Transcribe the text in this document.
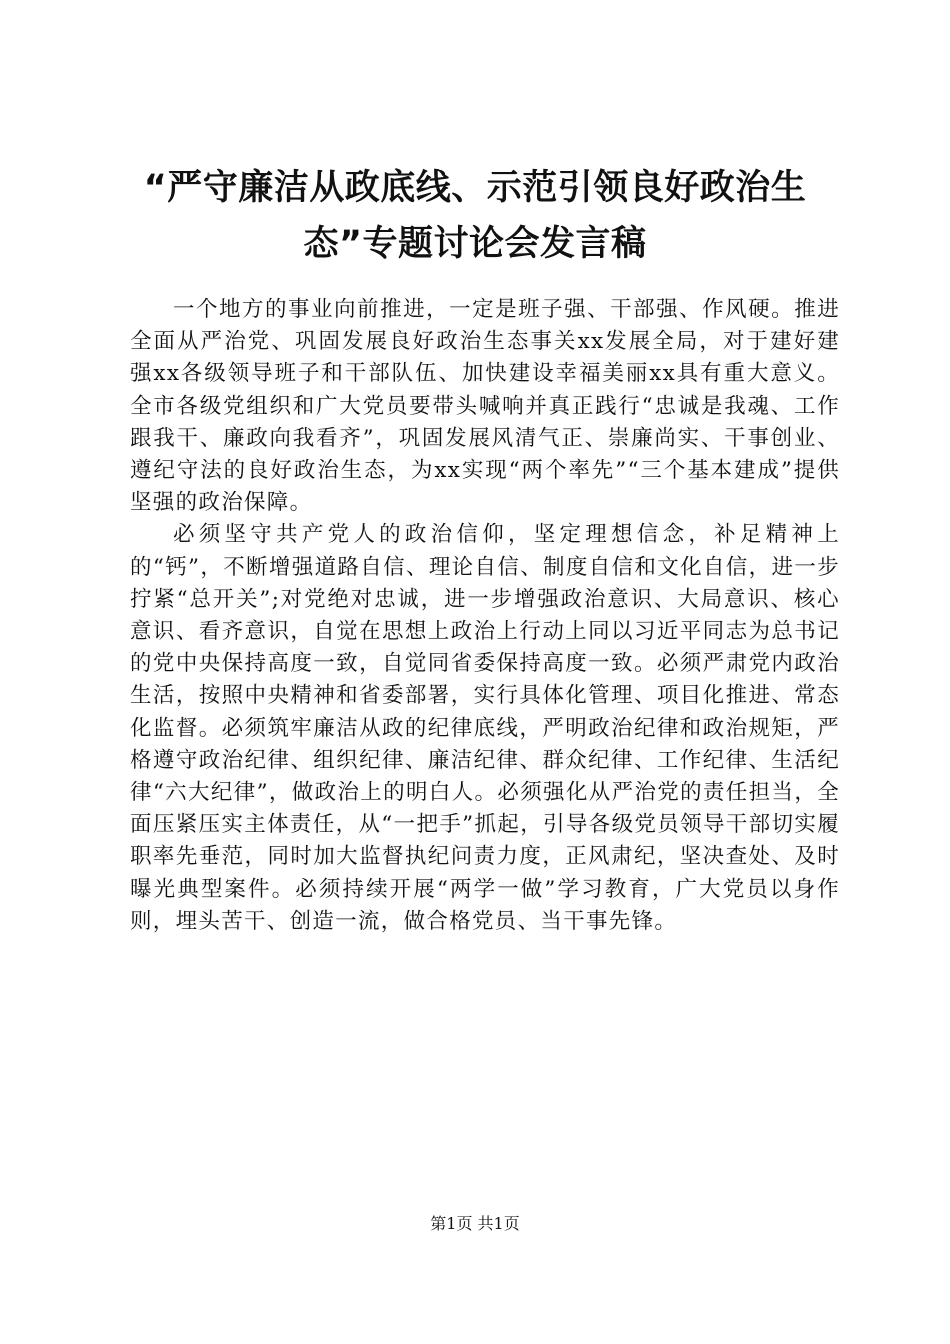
“严守廉洁从政底线、示范引领良好政治生
态”专题讨论会发言稿

一个地方的事业向前推进，一定是班子强、干部强、作风硬。推进全面从严治党、巩固发展良好政治生态事关xx发展全局，对于建好建强xx各级领导班子和干部队伍、加快建设幸福美丽xx具有重大意义。全市各级党组织和广大党员要带头喊响并真正践行“忠诚是我魂、工作跟我干、廉政向我看齐”，巩固发展风清气正、崇廉尚实、干事创业、遵纪守法的良好政治生态，为xx实现“两个率先”“三个基本建成”提供坚强的政治保障。

必须坚守共产党人的政治信仰，坚定理想信念，补足精神上的“钙”，不断增强道路自信、理论自信、制度自信和文化自信，进一步拧紧“总开关”;对党绝对忠诚，进一步增强政治意识、大局意识、核心意识、看齐意识，自觉在思想上政治上行动上同以习近平同志为总书记的党中央保持高度一致，自觉同省委保持高度一致。必须严肃党内政治生活，按照中央精神和省委部署，实行具体化管理、项目化推进、常态化监督。必须筑牢廉洁从政的纪律底线，严明政治纪律和政治规矩，严格遵守政治纪律、组织纪律、廉洁纪律、群众纪律、工作纪律、生活纪律“六大纪律”，做政治上的明白人。必须强化从严治党的责任担当，全面压紧压实主体责任，从“一把手”抓起，引导各级党员领导干部切实履职率先垂范，同时加大监督执纪问责力度，正风肃纪，坚决查处、及时曝光典型案件。必须持续开展“两学一做”学习教育，广大党员以身作则，埋头苦干、创造一流，做合格党员、当干事先锋。

第1页 共1页
